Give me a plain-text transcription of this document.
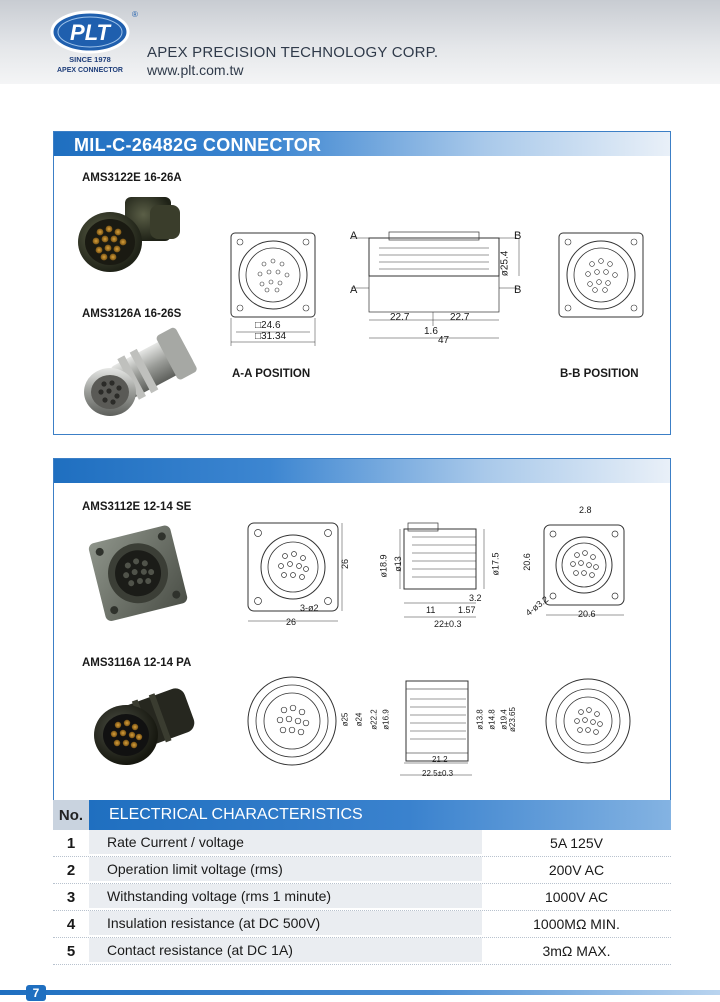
PLT
®
SINCE 1978
APEX CONNECTOR
APEX PRECISION TECHNOLOGY CORP.
www.plt.com.tw
MIL-C-26482G CONNECTOR
AMS3122E 16-26A
AMS3126A 16-26S
□24.6
□31.34
A
A
B
B
ø25.4
22.7	22.7
1.6
47
A-A POSITION	B-B POSITION
AMS3112E 12-14 SE
AMS3116A 12-14 PA
26
26
3-ø2
ø18.9 ø13	ø17.5
11	1.57
3.2
22±0.3
2.8
20.6
20.6
4-ø3.2
ø25 ø24 ø22.2 ø16.9	ø13.8 ø14.8 ø19.4 ø23.65
21.2
22.5±0.3
No.	ELECTRICAL CHARACTERISTICS
1	Rate Current / voltage	5A 125V
2	Operation limit voltage (rms)	200V AC
3	Withstanding voltage (rms 1 minute)	1000V AC
4	Insulation resistance (at DC 500V)	1000MΩ MIN.
5	Contact resistance (at DC 1A)	3mΩ MAX.
7
